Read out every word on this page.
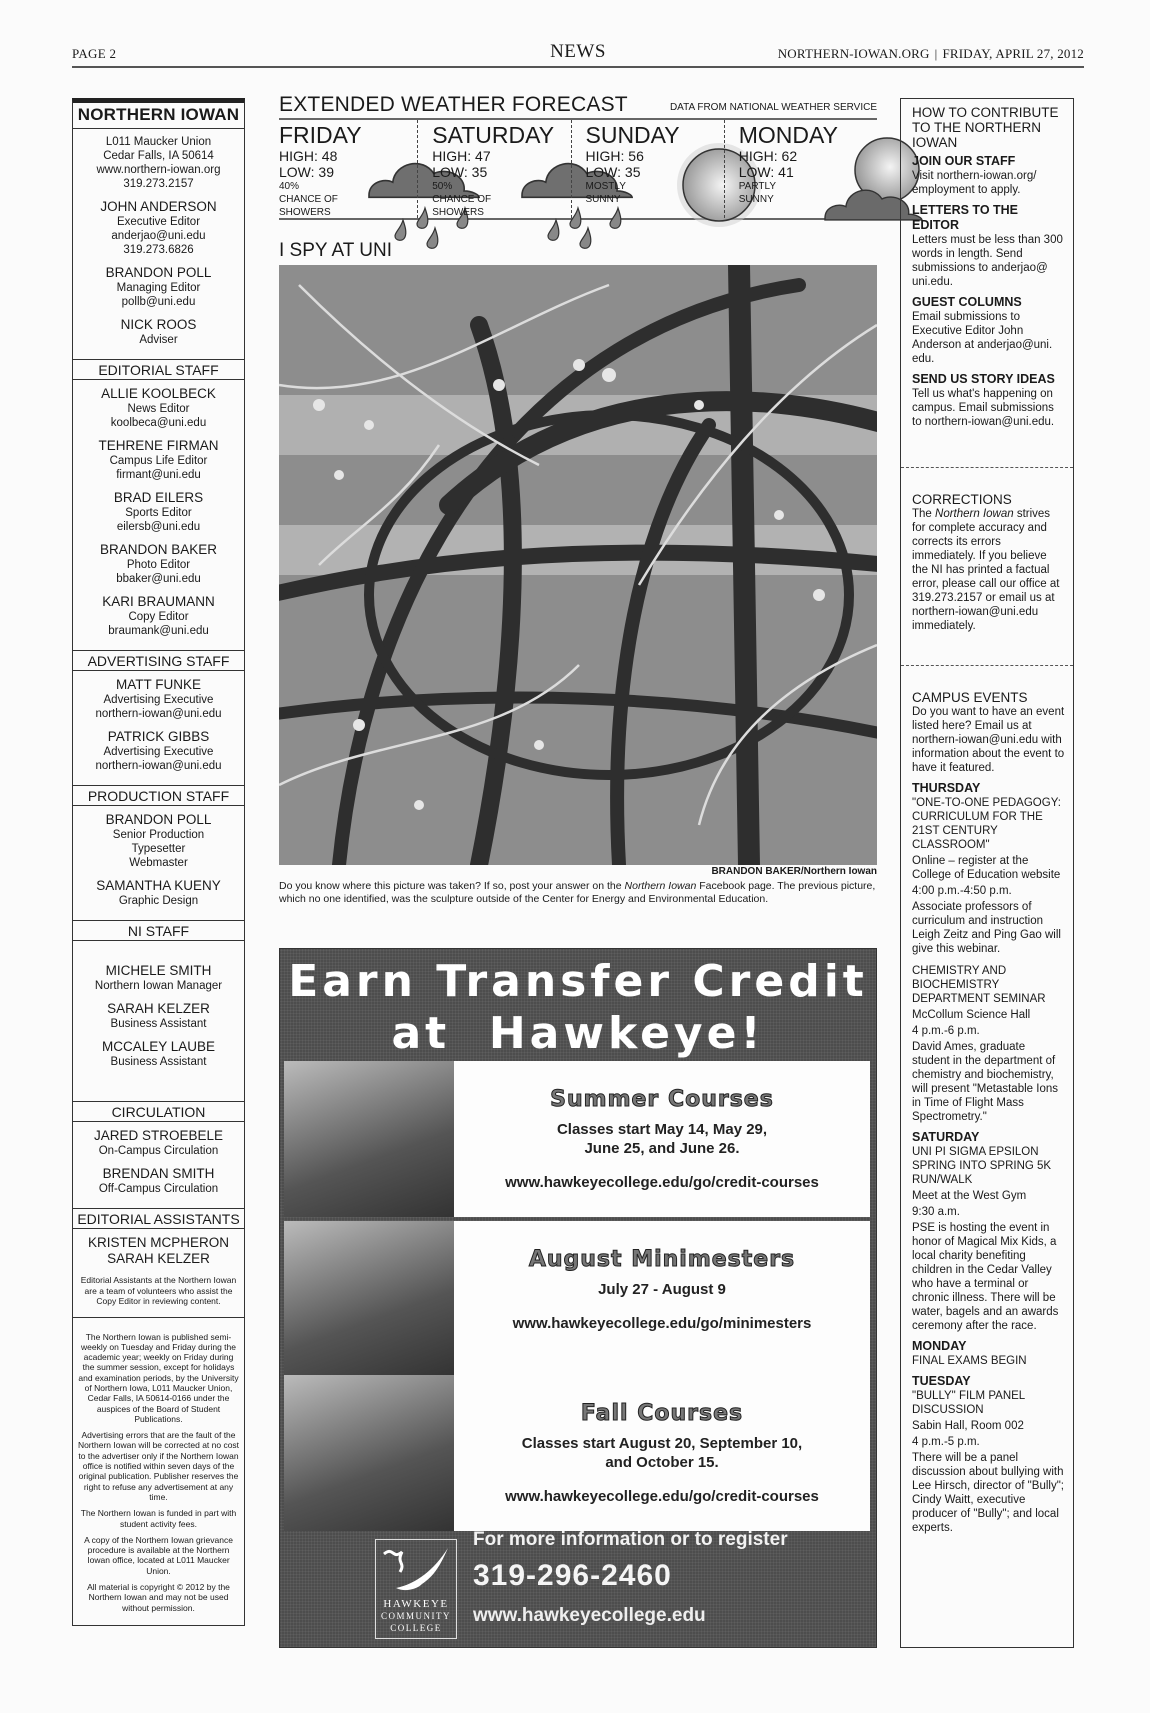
PAGE 2	NEWS	NORTHERN-IOWAN.ORG | FRIDAY, APRIL 27, 2012
NORTHERN IOWAN
L011 Maucker Union
Cedar Falls, IA 50614
www.northern-iowan.org
319.273.2157
JOHN ANDERSON
Executive Editor
anderjao@uni.edu
319.273.6826
BRANDON POLL
Managing Editor
pollb@uni.edu
NICK ROOS
Adviser
EDITORIAL STAFF
ALLIE KOOLBECK
News Editor
koolbeca@uni.edu
TEHRENE FIRMAN
Campus Life Editor
firmant@uni.edu
BRAD EILERS
Sports Editor
eilersb@uni.edu
BRANDON BAKER
Photo Editor
bbaker@uni.edu
KARI BRAUMANN
Copy Editor
braumank@uni.edu
ADVERTISING STAFF
MATT FUNKE
Advertising Executive
northern-iowan@uni.edu
PATRICK GIBBS
Advertising Executive
northern-iowan@uni.edu
PRODUCTION STAFF
BRANDON POLL
Senior Production
Typesetter
Webmaster
SAMANTHA KUENY
Graphic Design
NI STAFF
MICHELE SMITH
Northern Iowan Manager
SARAH KELZER
Business Assistant
MCCALEY LAUBE
Business Assistant
CIRCULATION
JARED STROEBELE
On-Campus Circulation
BRENDAN SMITH
Off-Campus Circulation
EDITORIAL ASSISTANTS
KRISTEN MCPHERON
SARAH KELZER
Editorial Assistants at the Northern Iowan are a team of volunteers who assist the Copy Editor in reviewing content.

The Northern Iowan is published semi-weekly on Tuesday and Friday during the academic year; weekly on Friday during the summer session, except for holidays and examination periods, by the University of Northern Iowa, L011 Maucker Union, Cedar Falls, IA 50614-0166 under the auspices of the Board of Student Publications.

Advertising errors that are the fault of the Northern Iowan will be corrected at no cost to the advertiser only if the Northern Iowan office is notified within seven days of the original publication. Publisher reserves the right to refuse any advertisement at any time.

The Northern Iowan is funded in part with student activity fees.

A copy of the Northern Iowan grievance procedure is available at the Northern Iowan office, located at L011 Maucker Union.

All material is copyright © 2012 by the Northern Iowan and may not be used without permission.

EXTENDED WEATHER FORECAST	DATA FROM NATIONAL WEATHER SERVICE
FRIDAY
HIGH: 48
LOW: 39
40%
CHANCE OF
SHOWERS
SATURDAY
HIGH: 47
LOW: 35
50%
CHANCE OF
SHOWERS
SUNDAY
HIGH: 56
LOW: 35
MOSTLY
SUNNY
MONDAY
HIGH: 62
LOW: 41
PARTLY
SUNNY
I SPY AT UNI
BRANDON BAKER/Northern Iowan
Do you know where this picture was taken? If so, post your answer on the Northern Iowan Facebook page. The previous picture, which no one identified, was the sculpture outside of the Center for Energy and Environmental Education.
Earn Transfer Credit
at  Hawkeye!
Summer Courses
Classes start May 14, May 29,
June 25, and June 26.
www.hawkeyecollege.edu/go/credit-courses
August Minimesters
July 27 - August 9
www.hawkeyecollege.edu/go/minimesters
Fall Courses
Classes start August 20, September 10,
and October 15.
www.hawkeyecollege.edu/go/credit-courses
HAWKEYE
COMMUNITY
COLLEGE
For more information or to register
319-296-2460
www.hawkeyecollege.edu
HOW TO CONTRIBUTE TO THE NORTHERN IOWAN
JOIN OUR STAFF

Visit northern-iowan.org/ employment to apply.

LETTERS TO THE EDITOR

Letters must be less than 300 words in length. Send submissions to anderjao@ uni.edu.

GUEST COLUMNS

Email submissions to Executive Editor John Anderson at anderjao@uni. edu.

SEND US STORY IDEAS

Tell us what's happening on campus. Email submissions to northern-iowan@uni.edu.

CORRECTIONS

The Northern Iowan strives for complete accuracy and corrects its errors immediately. If you believe the NI has printed a factual error, please call our office at 319.273.2157 or email us at northern-iowan@uni.edu immediately.

CAMPUS EVENTS

Do you want to have an event listed here? Email us at northern-iowan@uni.edu with information about the event to have it featured.

THURSDAY

"ONE-TO-ONE PEDAGOGY: CURRICULUM FOR THE 21ST CENTURY CLASSROOM"

Online – register at the College of Education website

4:00 p.m.-4:50 p.m.

Associate professors of curriculum and instruction Leigh Zeitz and Ping Gao will give this webinar.

CHEMISTRY AND BIOCHEMISTRY DEPARTMENT SEMINAR

McCollum Science Hall

4 p.m.-6 p.m.

David Ames, graduate student in the department of chemistry and biochemistry, will present "Metastable Ions in Time of Flight Mass Spectrometry."

SATURDAY

UNI PI SIGMA EPSILON SPRING INTO SPRING 5K RUN/WALK

Meet at the West Gym

9:30 a.m.

PSE is hosting the event in honor of Magical Mix Kids, a local charity benefiting children in the Cedar Valley who have a terminal or chronic illness. There will be water, bagels and an awards ceremony after the race.

MONDAY

FINAL EXAMS BEGIN

TUESDAY

"BULLY" FILM PANEL DISCUSSION

Sabin Hall, Room 002

4 p.m.-5 p.m.

There will be a panel discussion about bullying with Lee Hirsch, director of "Bully"; Cindy Waitt, executive producer of "Bully"; and local experts.
